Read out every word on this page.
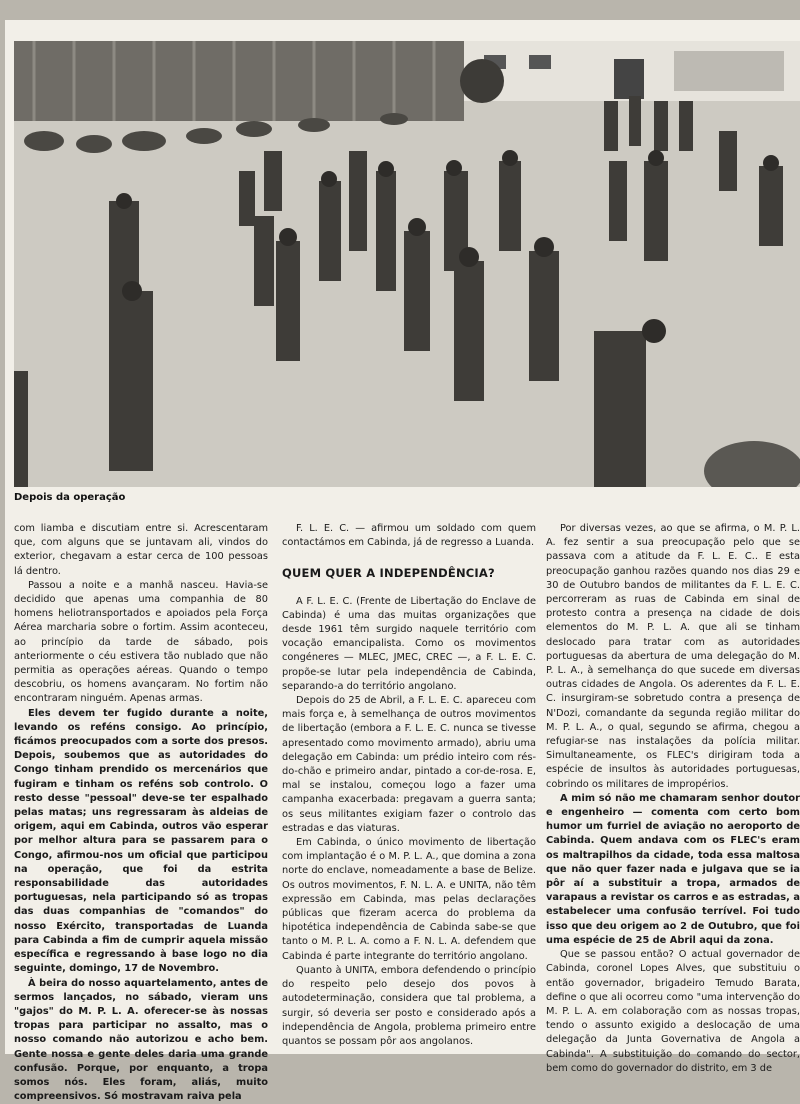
Depois da operação

com liamba e discutiam entre si. Acrescentaram que, com alguns que se juntavam ali, vindos do exterior, chegavam a estar cerca de 100 pessoas lá dentro.

Passou a noite e a manhã nasceu. Havia-se decidido que apenas uma companhia de 80 homens heliotransportados e apoiados pela Força Aérea marcharia sobre o fortim. Assim aconteceu, ao princípio da tarde de sábado, pois anteriormente o céu estivera tão nublado que não permitia as operações aéreas. Quando o tempo descobriu, os homens avançaram. No fortim não encontraram ninguém. Apenas armas.

Eles devem ter fugido durante a noite, levando os reféns consigo. Ao princípio, ficámos preocupados com a sorte dos presos. Depois, soubemos que as autoridades do Congo tinham prendido os mercenários que fugiram e tinham os reféns sob controlo. O resto desse "pessoal" deve-se ter espalhado pelas matas; uns regressaram às aldeias de origem, aqui em Cabinda, outros vão esperar por melhor altura para se passarem para o Congo, afirmou-nos um oficial que participou na operação, que foi da estrita responsabilidade das autoridades portuguesas, nela participando só as tropas das duas companhias de "comandos" do nosso Exército, transportadas de Luanda para Cabinda a fim de cumprir aquela missão específica e regressando à base logo no dia seguinte, domingo, 17 de Novembro.

À beira do nosso aquartelamento, antes de sermos lançados, no sábado, vieram uns "gajos" do M. P. L. A. oferecer-se às nossas tropas para participar no assalto, mas o nosso comando não autorizou e acho bem. Gente nossa e gente deles daria uma grande confusão. Porque, por enquanto, a tropa somos nós. Eles foram, aliás, muito compreensivos. Só mostravam raiva pela

F. L. E. C. — afirmou um soldado com quem contactámos em Cabinda, já de regresso a Luanda.

QUEM QUER A INDEPENDÊNCIA?

A F. L. E. C. (Frente de Libertação do Enclave de Cabinda) é uma das muitas organizações que desde 1961 têm surgido naquele território com vocação emancipalista. Como os movimentos congéneres — MLEC, JMEC, CREC —, a F. L. E. C. propõe-se lutar pela independência de Cabinda, separando-a do território angolano.

Depois do 25 de Abril, a F. L. E. C. apareceu com mais força e, à semelhança de outros movimentos de libertação (embora a F. L. E. C. nunca se tivesse apresentado como movimento armado), abriu uma delegação em Cabinda: um prédio inteiro com rés-do-chão e primeiro andar, pintado a cor-de-rosa. E, mal se instalou, começou logo a fazer uma campanha exacerbada: pregavam a guerra santa; os seus militantes exigiam fazer o controlo das estradas e das viaturas.

Em Cabinda, o único movimento de libertação com implantação é o M. P. L. A., que domina a zona norte do enclave, nomeadamente a base de Belize. Os outros movimentos, F. N. L. A. e UNITA, não têm expressão em Cabinda, mas pelas declarações públicas que fizeram acerca do problema da hipotética independência de Cabinda sabe-se que tanto o M. P. L. A. como a F. N. L. A. defendem que Cabinda é parte integrante do território angolano.

Quanto à UNITA, embora defendendo o princípio do respeito pelo desejo dos povos à autodeterminação, considera que tal problema, a surgir, só deveria ser posto e considerado após a independência de Angola, problema primeiro entre quantos se possam pôr aos angolanos.

Por diversas vezes, ao que se afirma, o M. P. L. A. fez sentir a sua preocupação pelo que se passava com a atitude da F. L. E. C.. E esta preocupação ganhou razões quando nos dias 29 e 30 de Outubro bandos de militantes da F. L. E. C. percorreram as ruas de Cabinda em sinal de protesto contra a presença na cidade de dois elementos do M. P. L. A. que ali se tinham deslocado para tratar com as autoridades portuguesas da abertura de uma delegação do M. P. L. A., à semelhança do que sucede em diversas outras cidades de Angola. Os aderentes da F. L. E. C. insurgiram-se sobretudo contra a presença de N'Dozi, comandante da segunda região militar do M. P. L. A., o qual, segundo se afirma, chegou a refugiar-se nas instalações da polícia militar. Simultaneamente, os FLEC's dirigiram toda a espécie de insultos às autoridades portuguesas, cobrindo os militares de impropérios.

A mim só não me chamaram senhor doutor e engenheiro — comenta com certo bom humor um furriel de aviação no aeroporto de Cabinda. Quem andava com os FLEC's eram os maltrapilhos da cidade, toda essa maltosa que não quer fazer nada e julgava que se ia pôr aí a substituir a tropa, armados de varapaus a revistar os carros e as estradas, a estabelecer uma confusão terrível. Foi tudo isso que deu origem ao 2 de Outubro, que foi uma espécie de 25 de Abril aqui da zona.

Que se passou então? O actual governador de Cabinda, coronel Lopes Alves, que substituiu o então governador, brigadeiro Temudo Barata, define o que ali ocorreu como "uma intervenção do M. P. L. A. em colaboração com as nossas tropas, tendo o assunto exigido a deslocação de uma delegação da Junta Governativa de Angola a Cabinda". A substituição do comando do sector, bem como do governador do distrito, em 3 de
